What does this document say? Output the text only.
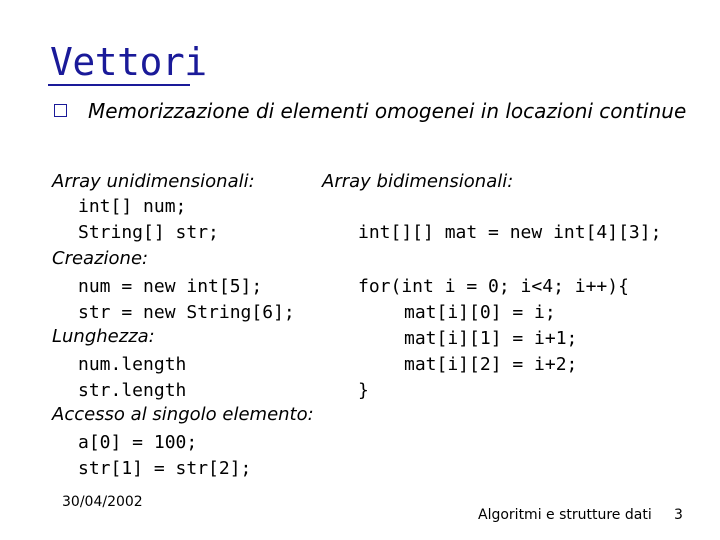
Vettori
Memorizzazione di elementi omogenei in locazioni continue
Array unidimensionali:
int[] num;
String[] str;
Creazione:
num = new int[5];
str = new String[6];
Lunghezza:
num.length
str.length
Accesso al singolo elemento:
a[0] = 100;
str[1] = str[2];
Array bidimensionali:
int[][] mat = new int[4][3];
for(int i = 0; i<4; i++){
mat[i][0] = i;
mat[i][1] = i+1;
mat[i][2] = i+2;
}
30/04/2002
Algoritmi e strutture dati 3
